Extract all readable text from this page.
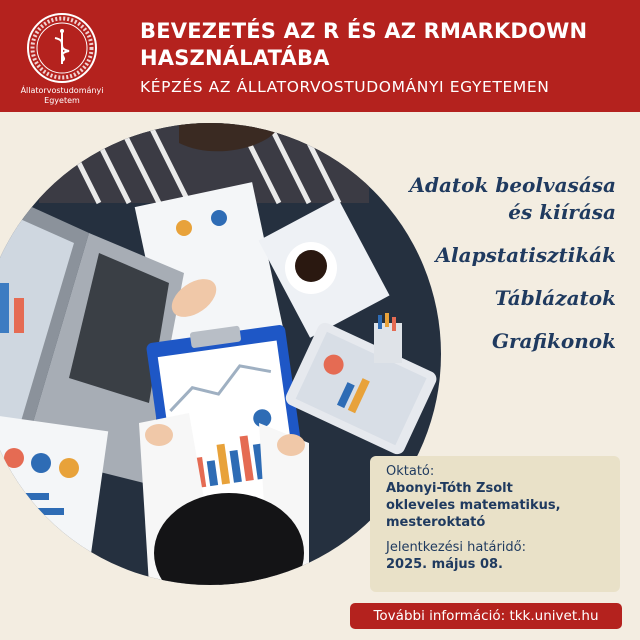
Állatorvostudományi
Egyetem
BEVEZETÉS AZ R ÉS AZ RMARKDOWN
HASZNÁLATÁBA
KÉPZÉS AZ ÁLLATORVOSTUDOMÁNYI EGYETEMEN
Adatok beolvasása
és kiírása
Alapstatisztikák
Táblázatok
Grafikonok
Oktató:
Abonyi-Tóth Zsolt
okleveles matematikus,
mesteroktató
Jelentkezési határidő:
2025. május 08.
További információ: tkk.univet.hu
